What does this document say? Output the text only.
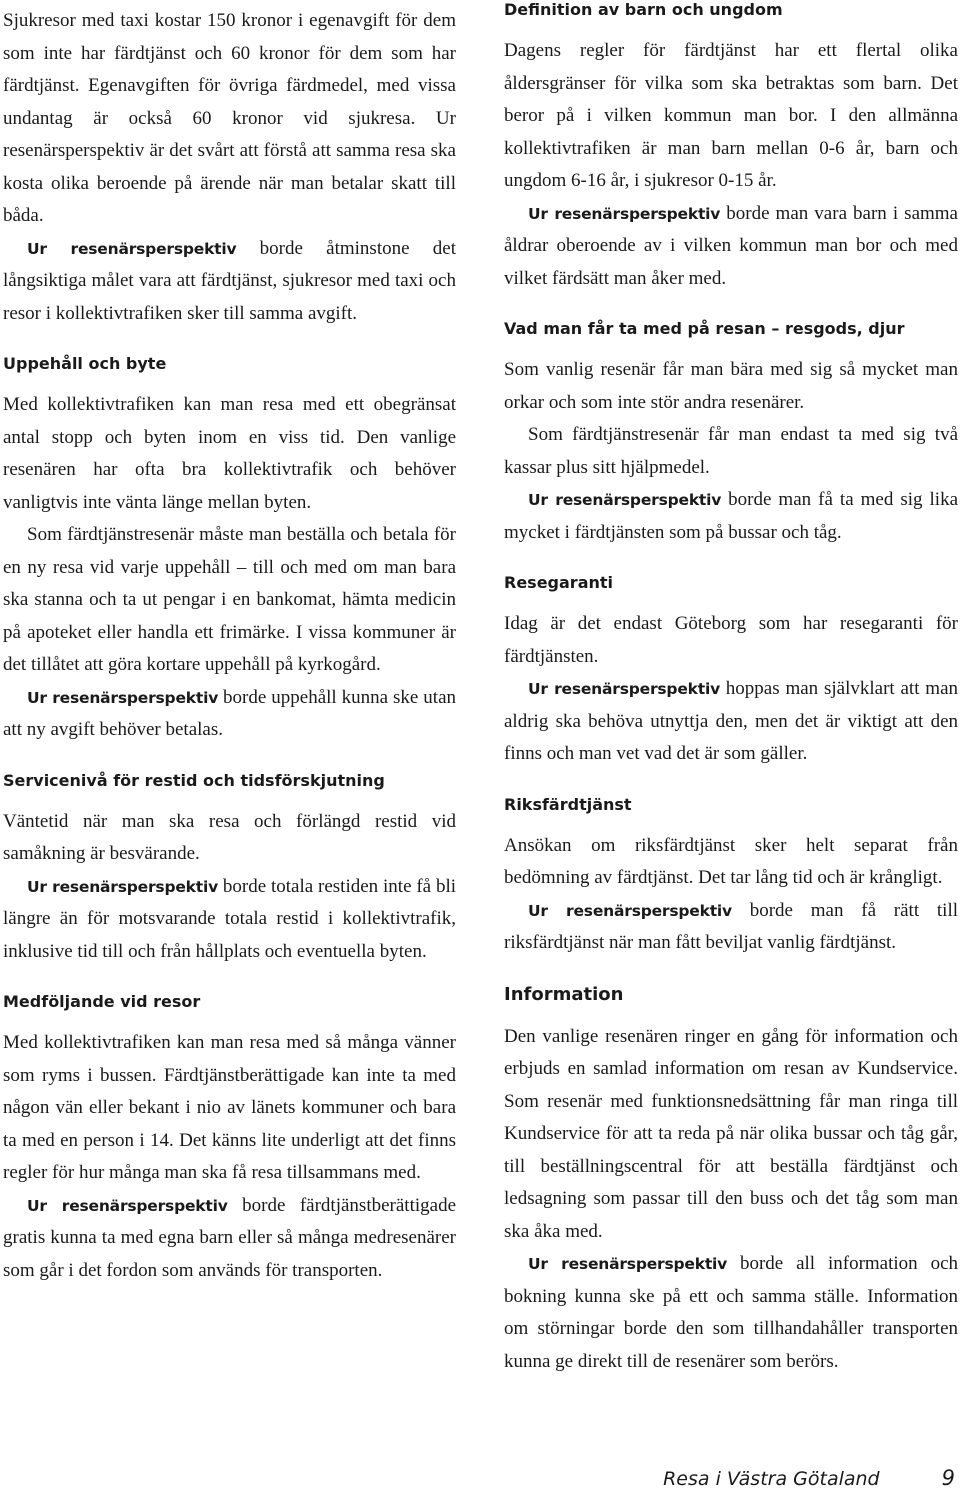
Sjukresor med taxi kostar 150 kronor i egenavgift för dem som inte har färdtjänst och 60 kronor för dem som har färdtjänst. Egenavgiften för övriga färdmedel, med vissa undantag är också 60 kronor vid sjukresa. Ur resenärsperspektiv är det svårt att förstå att samma resa ska kosta olika beroende på ärende när man betalar skatt till båda.

Ur resenärsperspektiv borde åtminstone det långsiktiga målet vara att färdtjänst, sjukresor med taxi och resor i kollektivtrafiken sker till samma avgift.

Uppehåll och byte

Med kollektivtrafiken kan man resa med ett obegränsat antal stopp och byten inom en viss tid. Den vanlige resenären har ofta bra kollektivtrafik och behöver vanligtvis inte vänta länge mellan byten.

Som färdtjänstresenär måste man beställa och betala för en ny resa vid varje uppehåll – till och med om man bara ska stanna och ta ut pengar i en bankomat, hämta medicin på apoteket eller handla ett frimärke. I vissa kommuner är det tillåtet att göra kortare uppehåll på kyrkogård.

Ur resenärsperspektiv borde uppehåll kunna ske utan att ny avgift behöver betalas.

Servicenivå för restid och tidsförskjutning

Väntetid när man ska resa och förlängd restid vid samåkning är besvärande.

Ur resenärsperspektiv borde totala restiden inte få bli längre än för motsvarande totala restid i kollektivtrafik, inklusive tid till och från hållplats och eventuella byten.

Medföljande vid resor

Med kollektivtrafiken kan man resa med så många vänner som ryms i bussen. Färdtjänstberättigade kan inte ta med någon vän eller bekant i nio av länets kommuner och bara ta med en person i 14. Det känns lite underligt att det finns regler för hur många man ska få resa tillsammans med.

Ur resenärsperspektiv borde färdtjänstberättigade gratis kunna ta med egna barn eller så många medresenärer som går i det fordon som används för transporten.

Definition av barn och ungdom

Dagens regler för färdtjänst har ett flertal olika åldersgränser för vilka som ska betraktas som barn. Det beror på i vilken kommun man bor. I den allmänna kollektivtrafiken är man barn mellan 0-6 år, barn och ungdom 6-16 år, i sjukresor 0-15 år.

Ur resenärsperspektiv borde man vara barn i samma åldrar oberoende av i vilken kommun man bor och med vilket färdsätt man åker med.

Vad man får ta med på resan – resgods, djur

Som vanlig resenär får man bära med sig så mycket man orkar och som inte stör andra resenärer.

Som färdtjänstresenär får man endast ta med sig två kassar plus sitt hjälpmedel.

Ur resenärsperspektiv borde man få ta med sig lika mycket i färdtjänsten som på bussar och tåg.

Resegaranti

Idag är det endast Göteborg som har resegaranti för färdtjänsten.

Ur resenärsperspektiv hoppas man självklart att man aldrig ska behöva utnyttja den, men det är viktigt att den finns och man vet vad det är som gäller.

Riksfärdtjänst

Ansökan om riksfärdtjänst sker helt separat från bedömning av färdtjänst. Det tar lång tid och är krångligt.

Ur resenärsperspektiv borde man få rätt till riksfärdtjänst när man fått beviljat vanlig färdtjänst.

Information

Den vanlige resenären ringer en gång för information och erbjuds en samlad information om resan av Kundservice. Som resenär med funktionsnedsättning får man ringa till Kundservice för att ta reda på när olika bussar och tåg går, till beställningscentral för att beställa färdtjänst och ledsagning som passar till den buss och det tåg som man ska åka med.

Ur resenärsperspektiv borde all information och bokning kunna ske på ett och samma ställe. Information om störningar borde den som tillhandahåller transporten kunna ge direkt till de resenärer som berörs.

Resa i Västra Götaland	9
